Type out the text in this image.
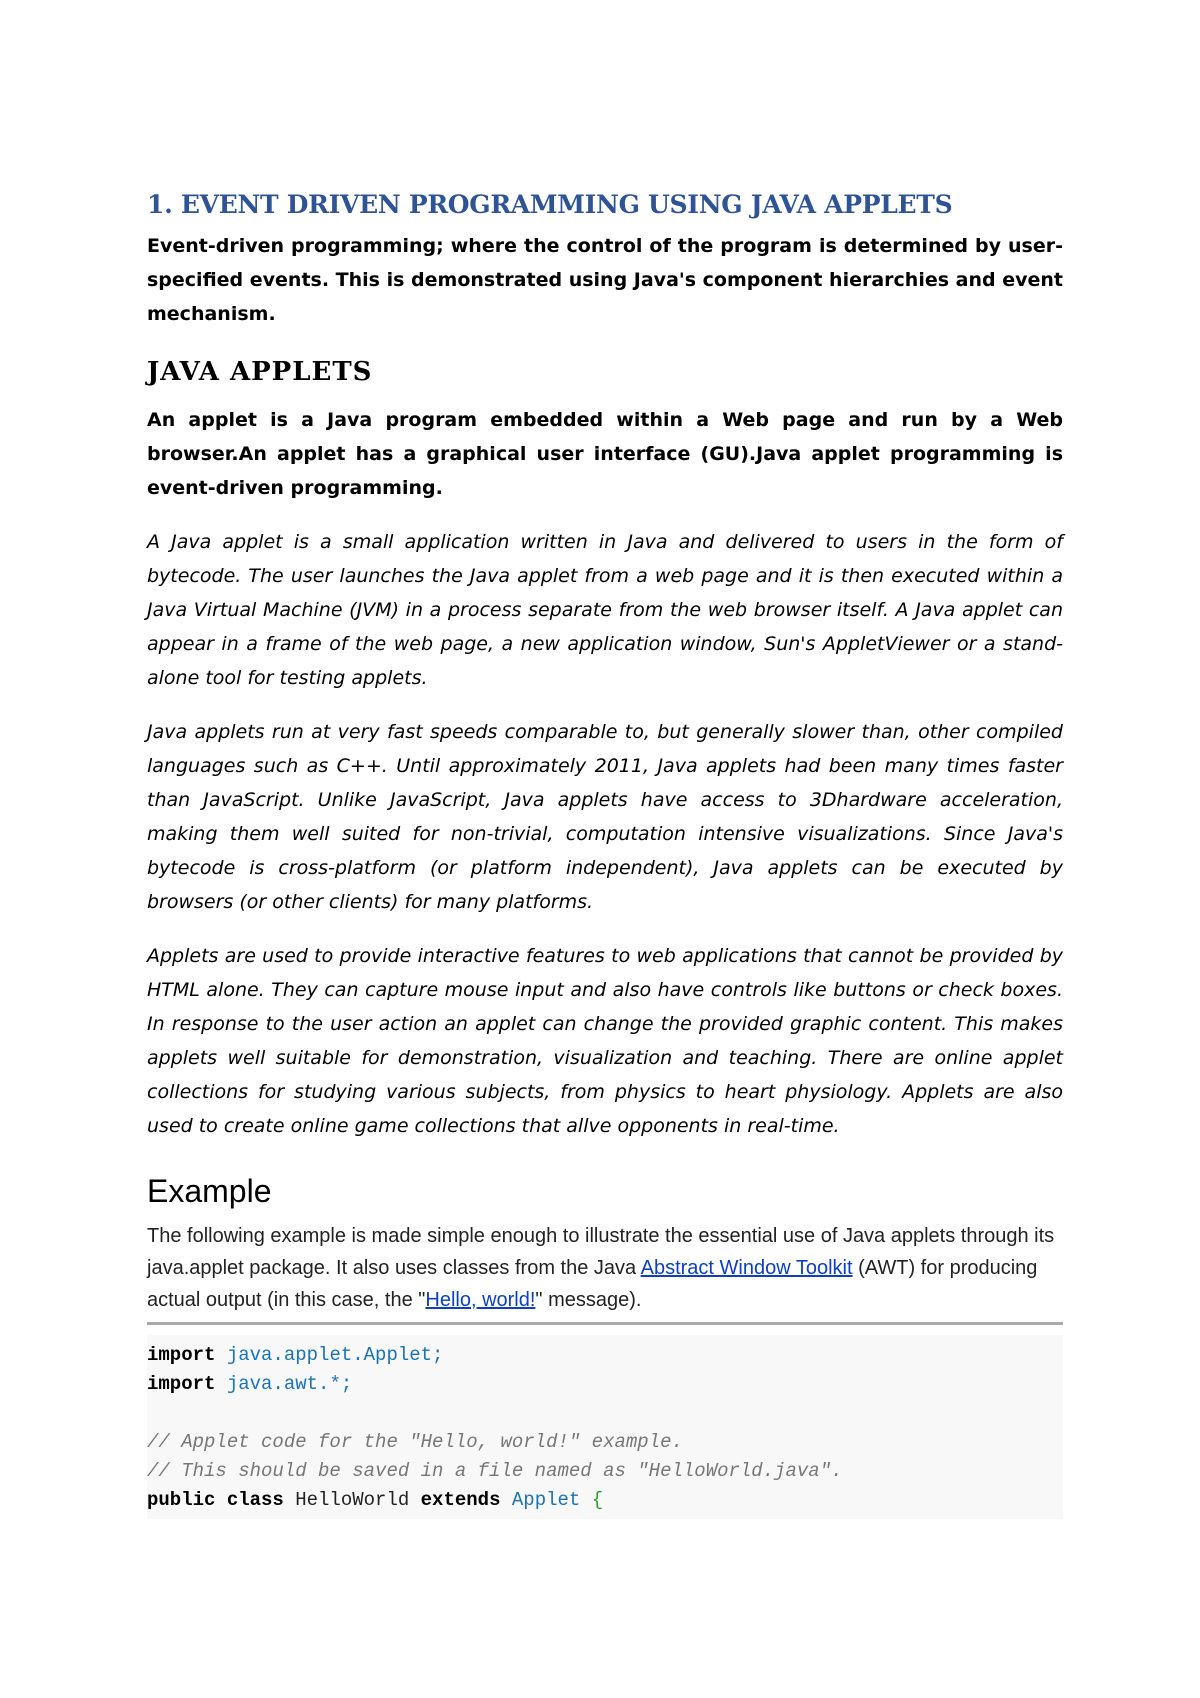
1. EVENT DRIVEN PROGRAMMING USING JAVA APPLETS

Event-driven programming; where the control of the program is determined by user-specified events. This is demonstrated using Java's component hierarchies and event mechanism.

JAVA APPLETS

An applet is a Java program embedded within a Web page and run by a Web browser.An applet has a graphical user interface (GU).Java applet programming is event-driven programming.

A Java applet is a small application written in Java and delivered to users in the form of bytecode. The user launches the Java applet from a web page and it is then executed within a Java Virtual Machine (JVM) in a process separate from the web browser itself. A Java applet can appear in a frame of the web page, a new application window, Sun's AppletViewer or a stand-alone tool for testing applets.

Java applets run at very fast speeds comparable to, but generally slower than, other compiled languages such as C++. Until approximately 2011, Java applets had been many times faster than JavaScript. Unlike JavaScript, Java applets have access to 3Dhardware acceleration, making them well suited for non-trivial, computation intensive visualizations. Since Java's bytecode is cross-platform (or platform independent), Java applets can be executed by browsers (or other clients) for many platforms.

Applets are used to provide interactive features to web applications that cannot be provided by HTML alone. They can capture mouse input and also have controls like buttons or check boxes. In response to the user action an applet can change the provided graphic content. This makes applets well suitable for demonstration, visualization and teaching. There are online applet collections for studying various subjects, from physics to heart physiology. Applets are also used to create online game collections that allve opponents in real-time.

Example

The following example is made simple enough to illustrate the essential use of Java applets through its java.applet package. It also uses classes from the Java Abstract Window Toolkit (AWT) for producing actual output (in this case, the "Hello, world!" message).

import java.applet.Applet;
import java.awt.*;
// Applet code for the "Hello, world!" example.
// This should be saved in a file named as "HelloWorld.java".
public class HelloWorld extends Applet {
